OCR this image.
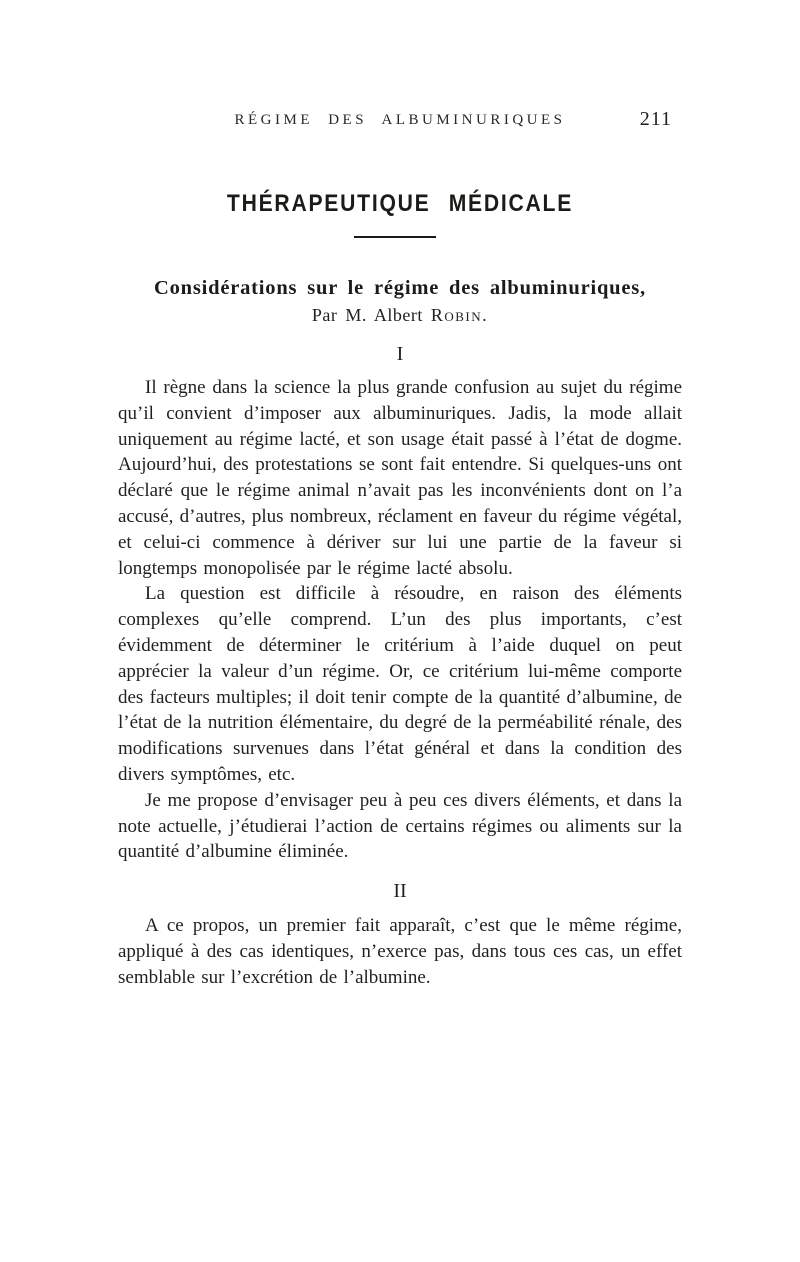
RÉGIME DES ALBUMINURIQUES	211
THÉRAPEUTIQUE MÉDICALE
Considérations sur le régime des albuminuriques,
Par M. Albert Robin.
I

Il règne dans la science la plus grande confusion au sujet du régime qu’il convient d’imposer aux albuminuriques. Jadis, la mode allait uniquement au régime lacté, et son usage était passé à l’état de dogme. Aujourd’hui, des protestations se sont fait entendre. Si quelques-uns ont déclaré que le régime animal n’avait pas les inconvénients dont on l’a accusé, d’autres, plus nombreux, réclament en faveur du régime végétal, et celui-ci commence à dériver sur lui une partie de la faveur si longtemps monopolisée par le régime lacté absolu.

La question est difficile à résoudre, en raison des éléments complexes qu’elle comprend. L’un des plus importants, c’est évidemment de déterminer le critérium à l’aide duquel on peut apprécier la valeur d’un régime. Or, ce critérium lui-même comporte des facteurs multiples; il doit tenir compte de la quantité d’albumine, de l’état de la nutrition élémentaire, du degré de la perméabilité rénale, des modifications survenues dans l’état général et dans la condition des divers symptômes, etc.

Je me propose d’envisager peu à peu ces divers éléments, et dans la note actuelle, j’étudierai l’action de certains régimes ou aliments sur la quantité d’albumine éliminée.

II

A ce propos, un premier fait apparaît, c’est que le même régime, appliqué à des cas identiques, n’exerce pas, dans tous ces cas, un effet semblable sur l’excrétion de l’albumine.
